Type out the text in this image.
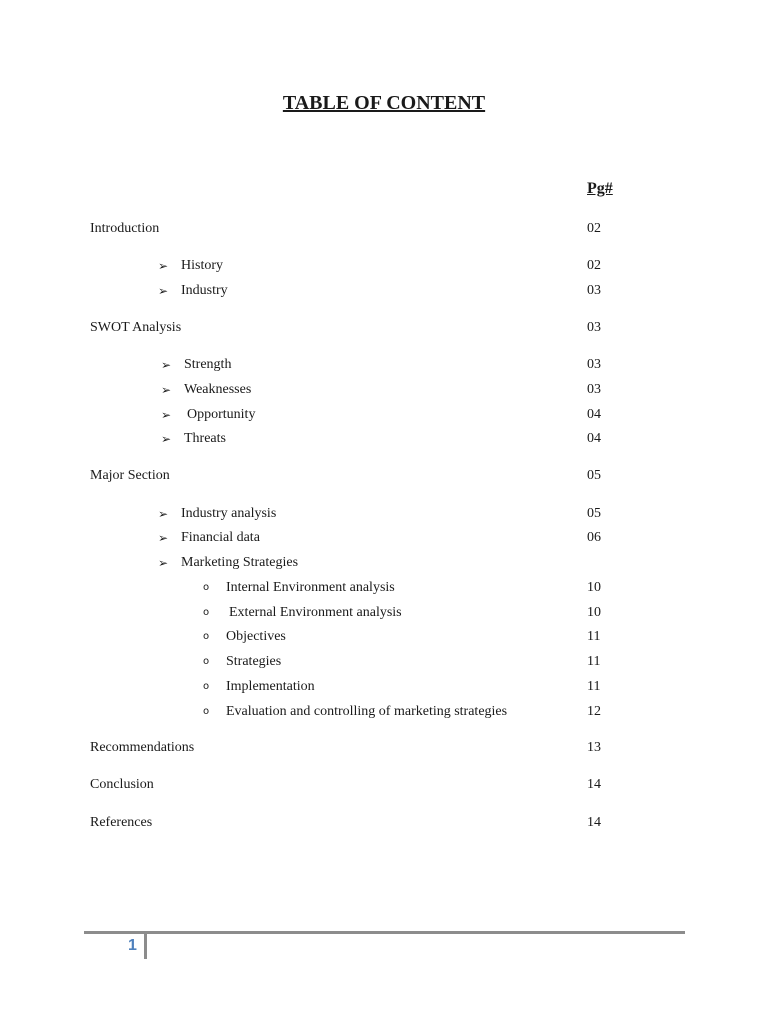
TABLE OF CONTENT
Pg#
Introduction	02
➢ History	02
➢ Industry	03
SWOT Analysis	03
➢ Strength	03
➢ Weaknesses	03
➢ Opportunity	04
➢ Threats	04
Major Section	05
➢ Industry analysis	05
➢ Financial data	06
➢ Marketing Strategies
o Internal Environment analysis	10
o External Environment analysis	10
o Objectives	11
o Strategies	11
o Implementation	11
o Evaluation and controlling of marketing strategies	12
Recommendations	13
Conclusion	14
References	14
1
